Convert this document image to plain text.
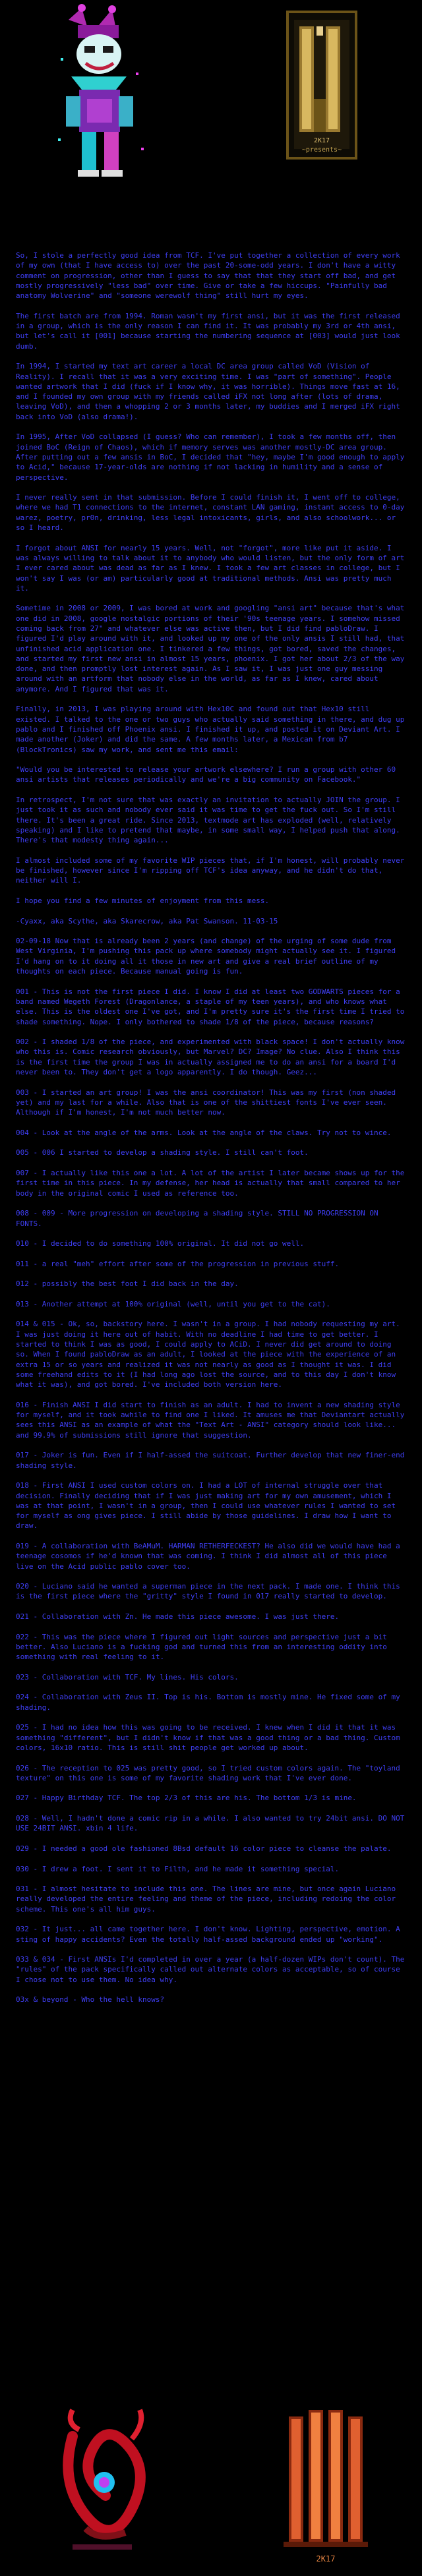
2K17
~presents~

So, I stole a perfectly good idea from TCF. I've put together a collection of every work of my own (that I have access to) over the past 20-some-odd years. I don't have a witty comment on progression, other than I guess to say that that they start off bad, and get mostly progressively "less bad" over time. Give or take a few hiccups. "Painfully bad anatomy Wolverine" and "someone werewolf thing" still hurt my eyes.

The first batch are from 1994. Roman wasn't my first ansi, but it was the first released in a group, which is the only reason I can find it. It was probably my 3rd or 4th ansi, but let's call it [001] because starting the numbering sequence at [003] would just look dumb.

In 1994, I started my text art career a local DC area group called VoD (Vision of Reality). I recall that it was a very exciting time. I was "part of something". People wanted artwork that I did (fuck if I know why, it was horrible). Things move fast at 16, and I founded my own group with my friends called iFX not long after (lots of drama, leaving VoD), and then a whopping 2 or 3 months later, my buddies and I merged iFX right back into VoD (also drama!).

In 1995, After VoD collapsed (I guess? Who can remember), I took a few months off, then joined BoC (Reign of Chaos), which if memory serves was another mostly-DC area group. After putting out a few ansis in BoC, I decided that "hey, maybe I'm good enough to apply to Acid," because 17-year-olds are nothing if not lacking in humility and a sense of perspective.

I never really sent in that submission. Before I could finish it, I went off to college, where we had T1 connections to the internet, constant LAN gaming, instant access to 0-day warez, poetry, pr0n, drinking, less legal intoxicants, girls, and also schoolwork... or so I heard.

I forgot about ANSI for nearly 15 years. Well, not "forgot", more like put it aside. I was always willing to talk about it to anybody who would listen, but the only form of art I ever cared about was dead as far as I knew. I took a few art classes in college, but I won't say I was (or am) particularly good at traditional methods. Ansi was pretty much it.

Sometime in 2008 or 2009, I was bored at work and googling "ansi art" because that's what one did in 2008, google nostalgic portions of their '90s teenage years. I somehow missed coming back from 27" and whatever else was active then, but I did find pabloDraw. I figured I'd play around with it, and looked up my one of the only ansis I still had, that unfinished acid application one. I tinkered a few things, got bored, saved the changes, and started my first new ansi in almost 15 years, phoenix. I got her about 2/3 of the way done, and then promptly lost interest again. As I saw it, I was just one guy messing around with an artform that nobody else in the world, as far as I knew, cared about anymore. And I figured that was it.

Finally, in 2013, I was playing around with Hex10C and found out that Hex10 still existed. I talked to the one or two guys who actually said something in there, and dug up pablo and I finished off Phoenix ansi. I finished it up, and posted it on Deviant Art. I made another (Joker) and did the same. A few months later, a Mexican from b7 (BlockTronics) saw my work, and sent me this email:

"Would you be interested to release your artwork elsewhere? I run a group with other 60 ansi artists that releases periodically and we're a big community on Facebook."

In retrospect, I'm not sure that was exactly an invitation to actually JOIN the group. I just took it as such and nobody ever said it was time to get the fuck out. So I'm still there. It's been a great ride. Since 2013, textmode art has exploded (well, relatively speaking) and I like to pretend that maybe, in some small way, I helped push that along. There's that modesty thing again...

I almost included some of my favorite WIP pieces that, if I'm honest, will probably never be finished, however since I'm ripping off TCF's idea anyway, and he didn't do that, neither will I.

I hope you find a few minutes of enjoyment from this mess.

-Cyaxx, aka Scythe, aka Skarecrow, aka Pat Swanson. 11-03-15

02-09-18 Now that is already been 2 years (and change) of the urging of some dude from West Virginia, I'm pushing this pack up where somebody might actually see it. I figured I'd hang on to it doing all it those in new art and give a real brief outline of my thoughts on each piece. Because manual going is fun.

001 - This is not the first piece I did. I know I did at least two GODWARTS pieces for a band named Wegeth Forest (Dragonlance, a staple of my teen years), and who knows what else. This is the oldest one I've got, and I'm pretty sure it's the first time I tried to shade something. Nope. I only bothered to shade 1/8 of the piece, because reasons?

002 - I shaded 1/8 of the piece, and experimented with black space! I don't actually know who this is. Comic research obviously, but Marvel? DC? Image? No clue. Also I think this is the first time the group I was in actually assigned me to do an ansi for a board I'd never been to. They don't get a logo apparently. I do though. Geez...

003 - I started an art group! I was the ansi coordinator! This was my first (non shaded yet) and my last for a while. Also that is one of the shittiest fonts I've ever seen. Although if I'm honest, I'm not much better now.

004 - Look at the angle of the arms. Look at the angle of the claws. Try not to wince.

005 - 006 I started to develop a shading style. I still can't foot.

007 - I actually like this one a lot. A lot of the artist I later became shows up for the first time in this piece. In my defense, her head is actually that small compared to her body in the original comic I used as reference too.

008 - 009 - More progression on developing a shading style. STILL NO PROGRESSION ON FONTS.

010 - I decided to do something 100% original. It did not go well.

011 - a real "meh" effort after some of the progression in previous stuff.

012 - possibly the best foot I did back in the day.

013 - Another attempt at 100% original (well, until you get to the cat).

014 & 015 - Ok, so, backstory here. I wasn't in a group. I had nobody requesting my art. I was just doing it here out of habit. With no deadline I had time to get better. I started to think I was as good, I could apply to ACiD. I never did get around to doing so. When I found pabloDraw as an adult, I looked at the piece with the experience of an extra 15 or so years and realized it was not nearly as good as I thought it was. I did some freehand edits to it (I had long ago lost the source, and to this day I don't know what it was), and got bored. I've included both version here.

016 - Finish ANSI I did start to finish as an adult. I had to invent a new shading style for myself, and it took awhile to find one I liked. It amuses me that Deviantart actually sees this ANSI as an example of what the "Text Art - ANSI" category should look like... and 99.9% of submissions still ignore that suggestion.

017 - Joker is fun. Even if I half-assed the suitcoat. Further develop that new finer-end shading style.

018 - First ANSI I used custom colors on. I had a LOT of internal struggle over that decision. Finally deciding that if I was just making art for my own amusement, which I was at that point, I wasn't in a group, then I could use whatever rules I wanted to set for myself as ong gives piece. I still abide by those guidelines. I draw how I want to draw.

019 - A collaboration with BeAMuM. HARMAN RETHERFECKEST? He also did we would have had a teenage cosomos if he'd known that was coming. I think I did almost all of this piece live on the Acid public pablo cover too.

020 - Luciano said he wanted a superman piece in the next pack. I made one. I think this is the first piece where the "gritty" style I found in 017 really started to develop.

021 - Collaboration with Zn. He made this piece awesome. I was just there.

022 - This was the piece where I figured out light sources and perspective just a bit better. Also Luciano is a fucking god and turned this from an interesting oddity into something with real feeling to it.

023 - Collaboration with TCF. My lines. His colors.

024 - Collaboration with Zeus II. Top is his. Bottom is mostly mine. He fixed some of my shading.

025 - I had no idea how this was going to be received. I knew when I did it that it was something "different", but I didn't know if that was a good thing or a bad thing. Custom colors, 16x10 ratio. This is still shit people get worked up about.

026 - The reception to 025 was pretty good, so I tried custom colors again. The "toyland texture" on this one is some of my favorite shading work that I've ever done.

027 - Happy Birthday TCF. The top 2/3 of this are his. The bottom 1/3 is mine.

028 - Well, I hadn't done a comic rip in a while. I also wanted to try 24bit ansi. DO NOT USE 24BIT ANSI. xbin 4 life.

029 - I needed a good ole fashioned 8Bsd default 16 color piece to cleanse the palate.

030 - I drew a foot. I sent it to Filth, and he made it something special.

031 - I almost hesitate to include this one. The lines are mine, but once again Luciano really developed the entire feeling and theme of the piece, including redoing the color scheme. This one's all him guys.

032 - It just... all came together here. I don't know. Lighting, perspective, emotion. A sting of happy accidents? Even the totally half-assed background ended up "working".

033 & 034 - First ANSIs I'd completed in over a year (a half-dozen WIPs don't count). The "rules" of the pack specifically called out alternate colors as acceptable, so of course I chose not to use them. No idea why.

03x & beyond - Who the hell knows?

2K17
